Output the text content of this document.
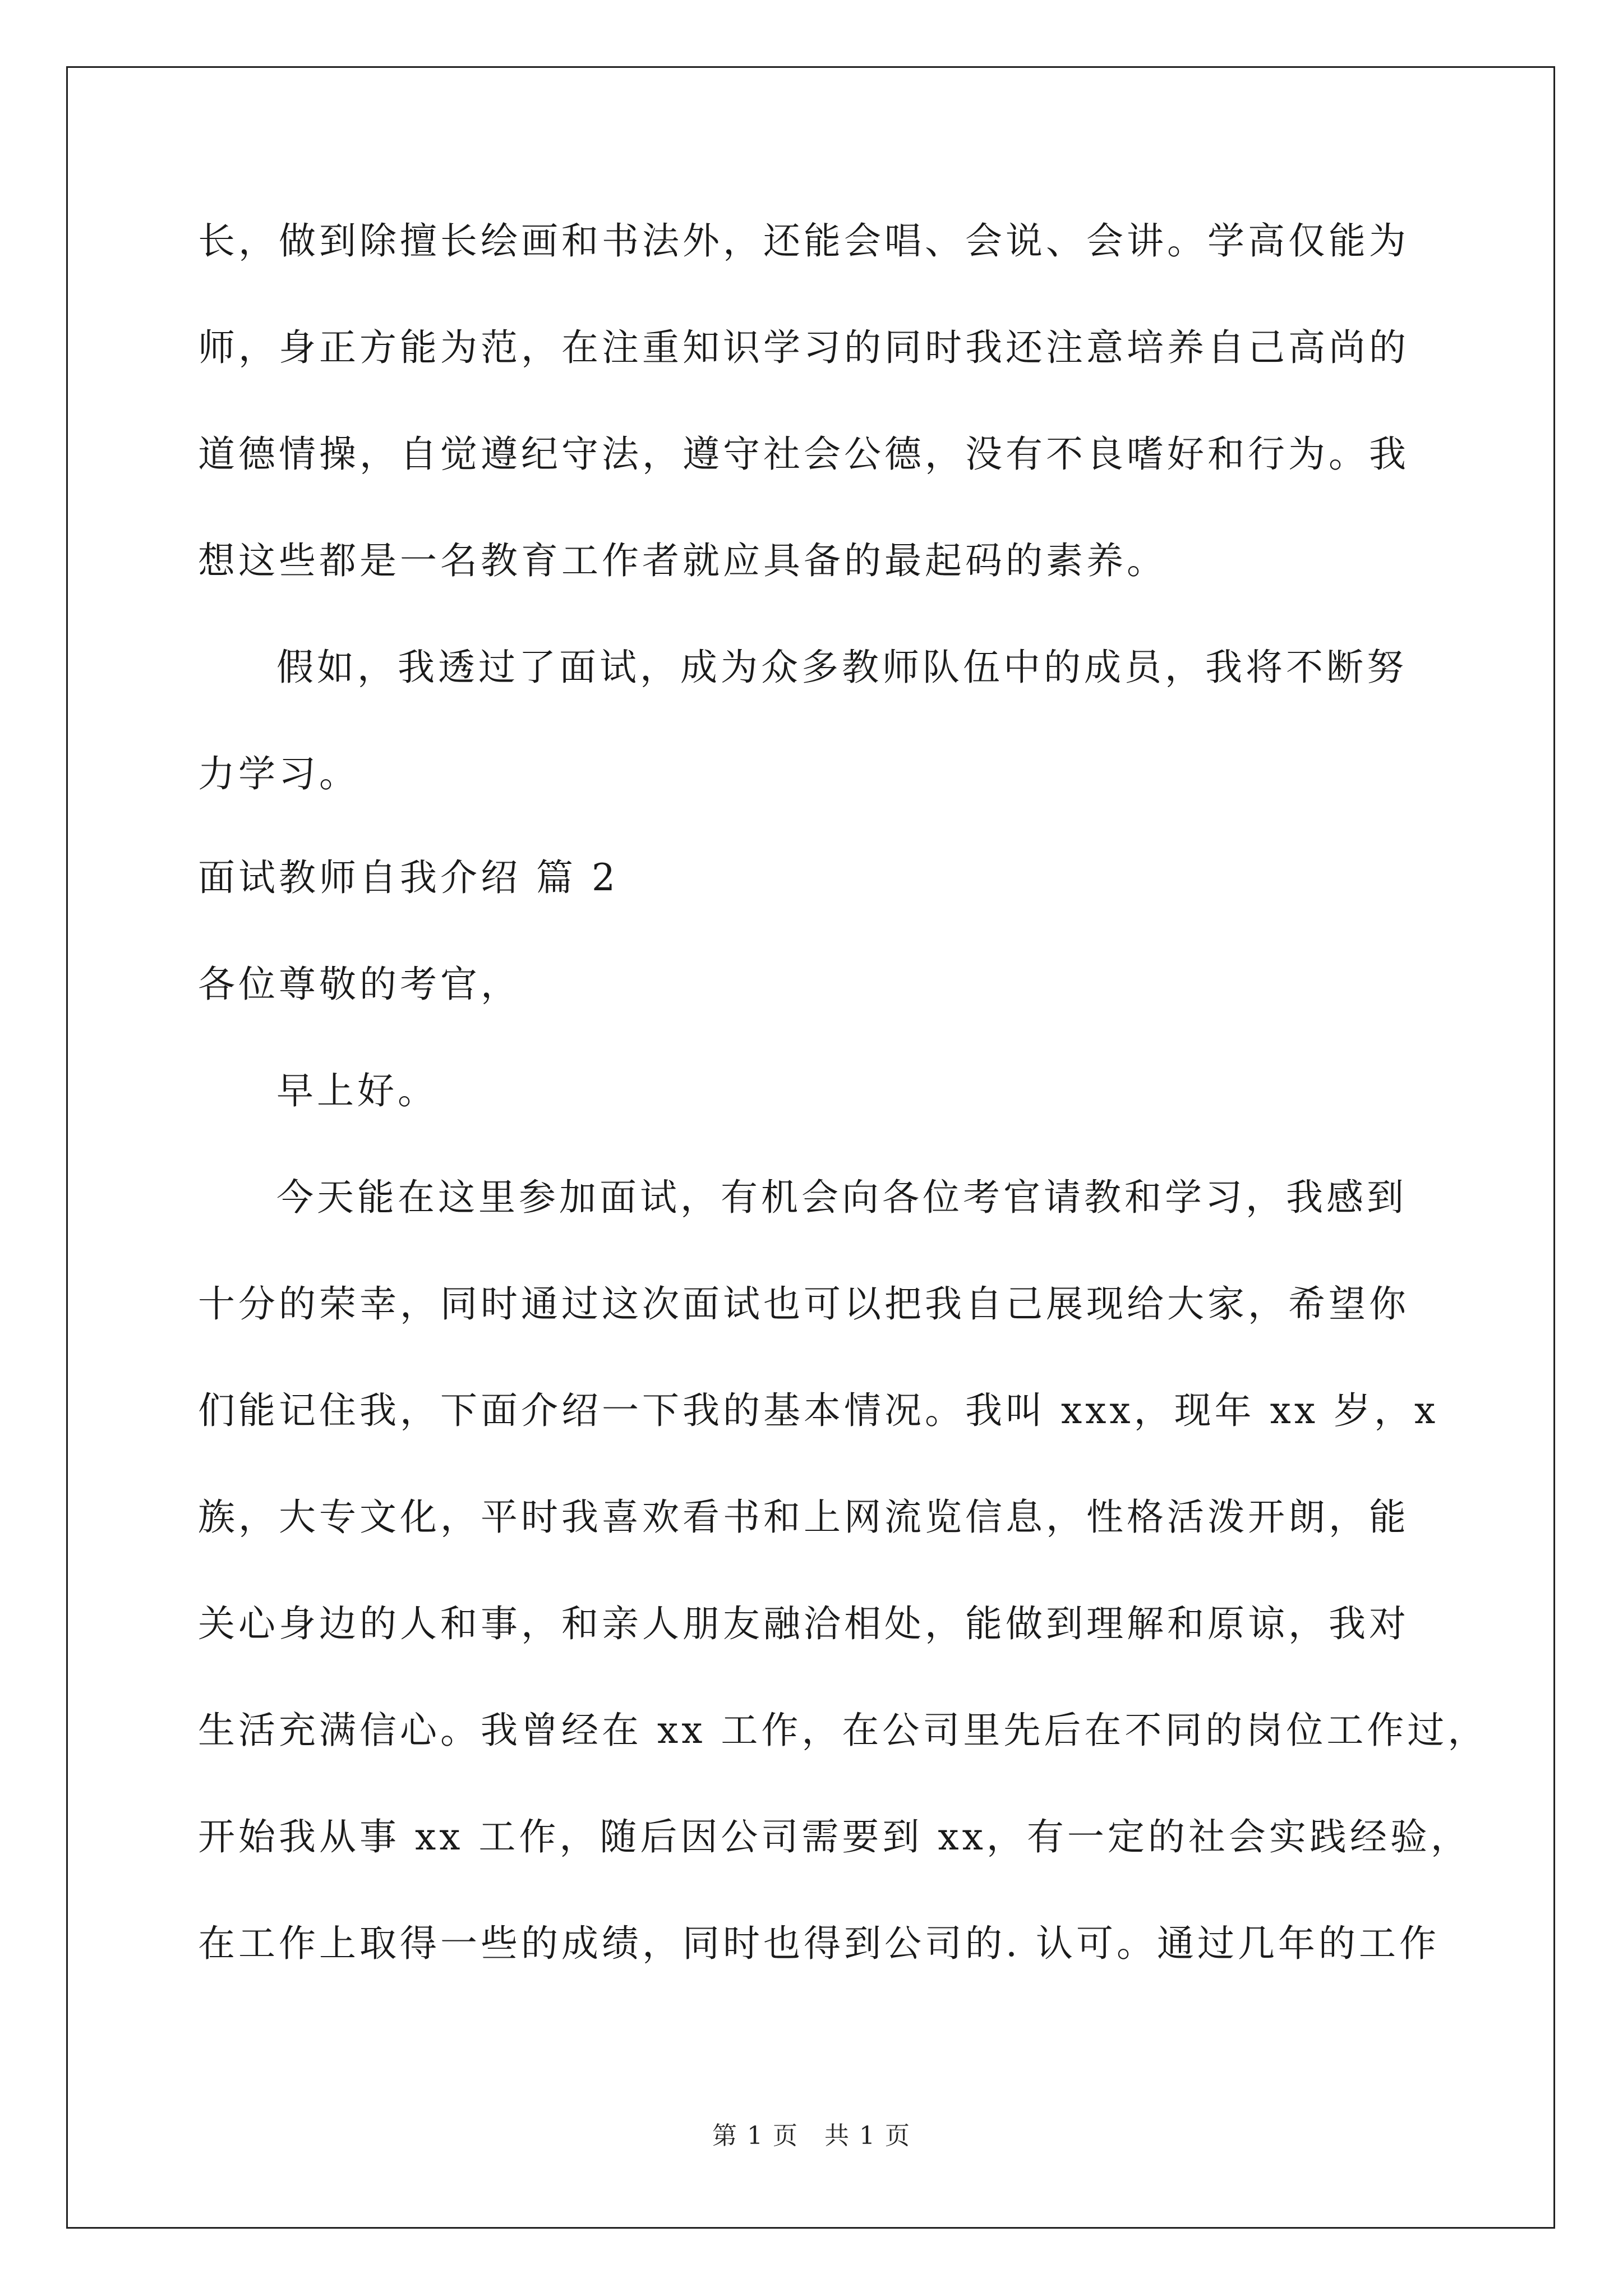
长，做到除擅长绘画和书法外，还能会唱、会说、会讲。学高仅能为
师，身正方能为范，在注重知识学习的同时我还注意培养自己高尚的
道德情操，自觉遵纪守法，遵守社会公德，没有不良嗜好和行为。我
想这些都是一名教育工作者就应具备的最起码的素养。
假如，我透过了面试，成为众多教师队伍中的成员，我将不断努
力学习。
面试教师自我介绍 篇 2
各位尊敬的考官，
早上好。
今天能在这里参加面试，有机会向各位考官请教和学习，我感到
十分的荣幸，同时通过这次面试也可以把我自己展现给大家，希望你
们能记住我，下面介绍一下我的基本情况。我叫 xxx，现年 xx 岁，x
族，大专文化，平时我喜欢看书和上网流览信息，性格活泼开朗，能
关心身边的人和事，和亲人朋友融洽相处，能做到理解和原谅，我对
生活充满信心。我曾经在 xx 工作，在公司里先后在不同的岗位工作过，
开始我从事 xx 工作，随后因公司需要到 xx，有一定的社会实践经验，
在工作上取得一些的成绩，同时也得到公司的. 认可。通过几年的工作
第 1 页　共 1 页
